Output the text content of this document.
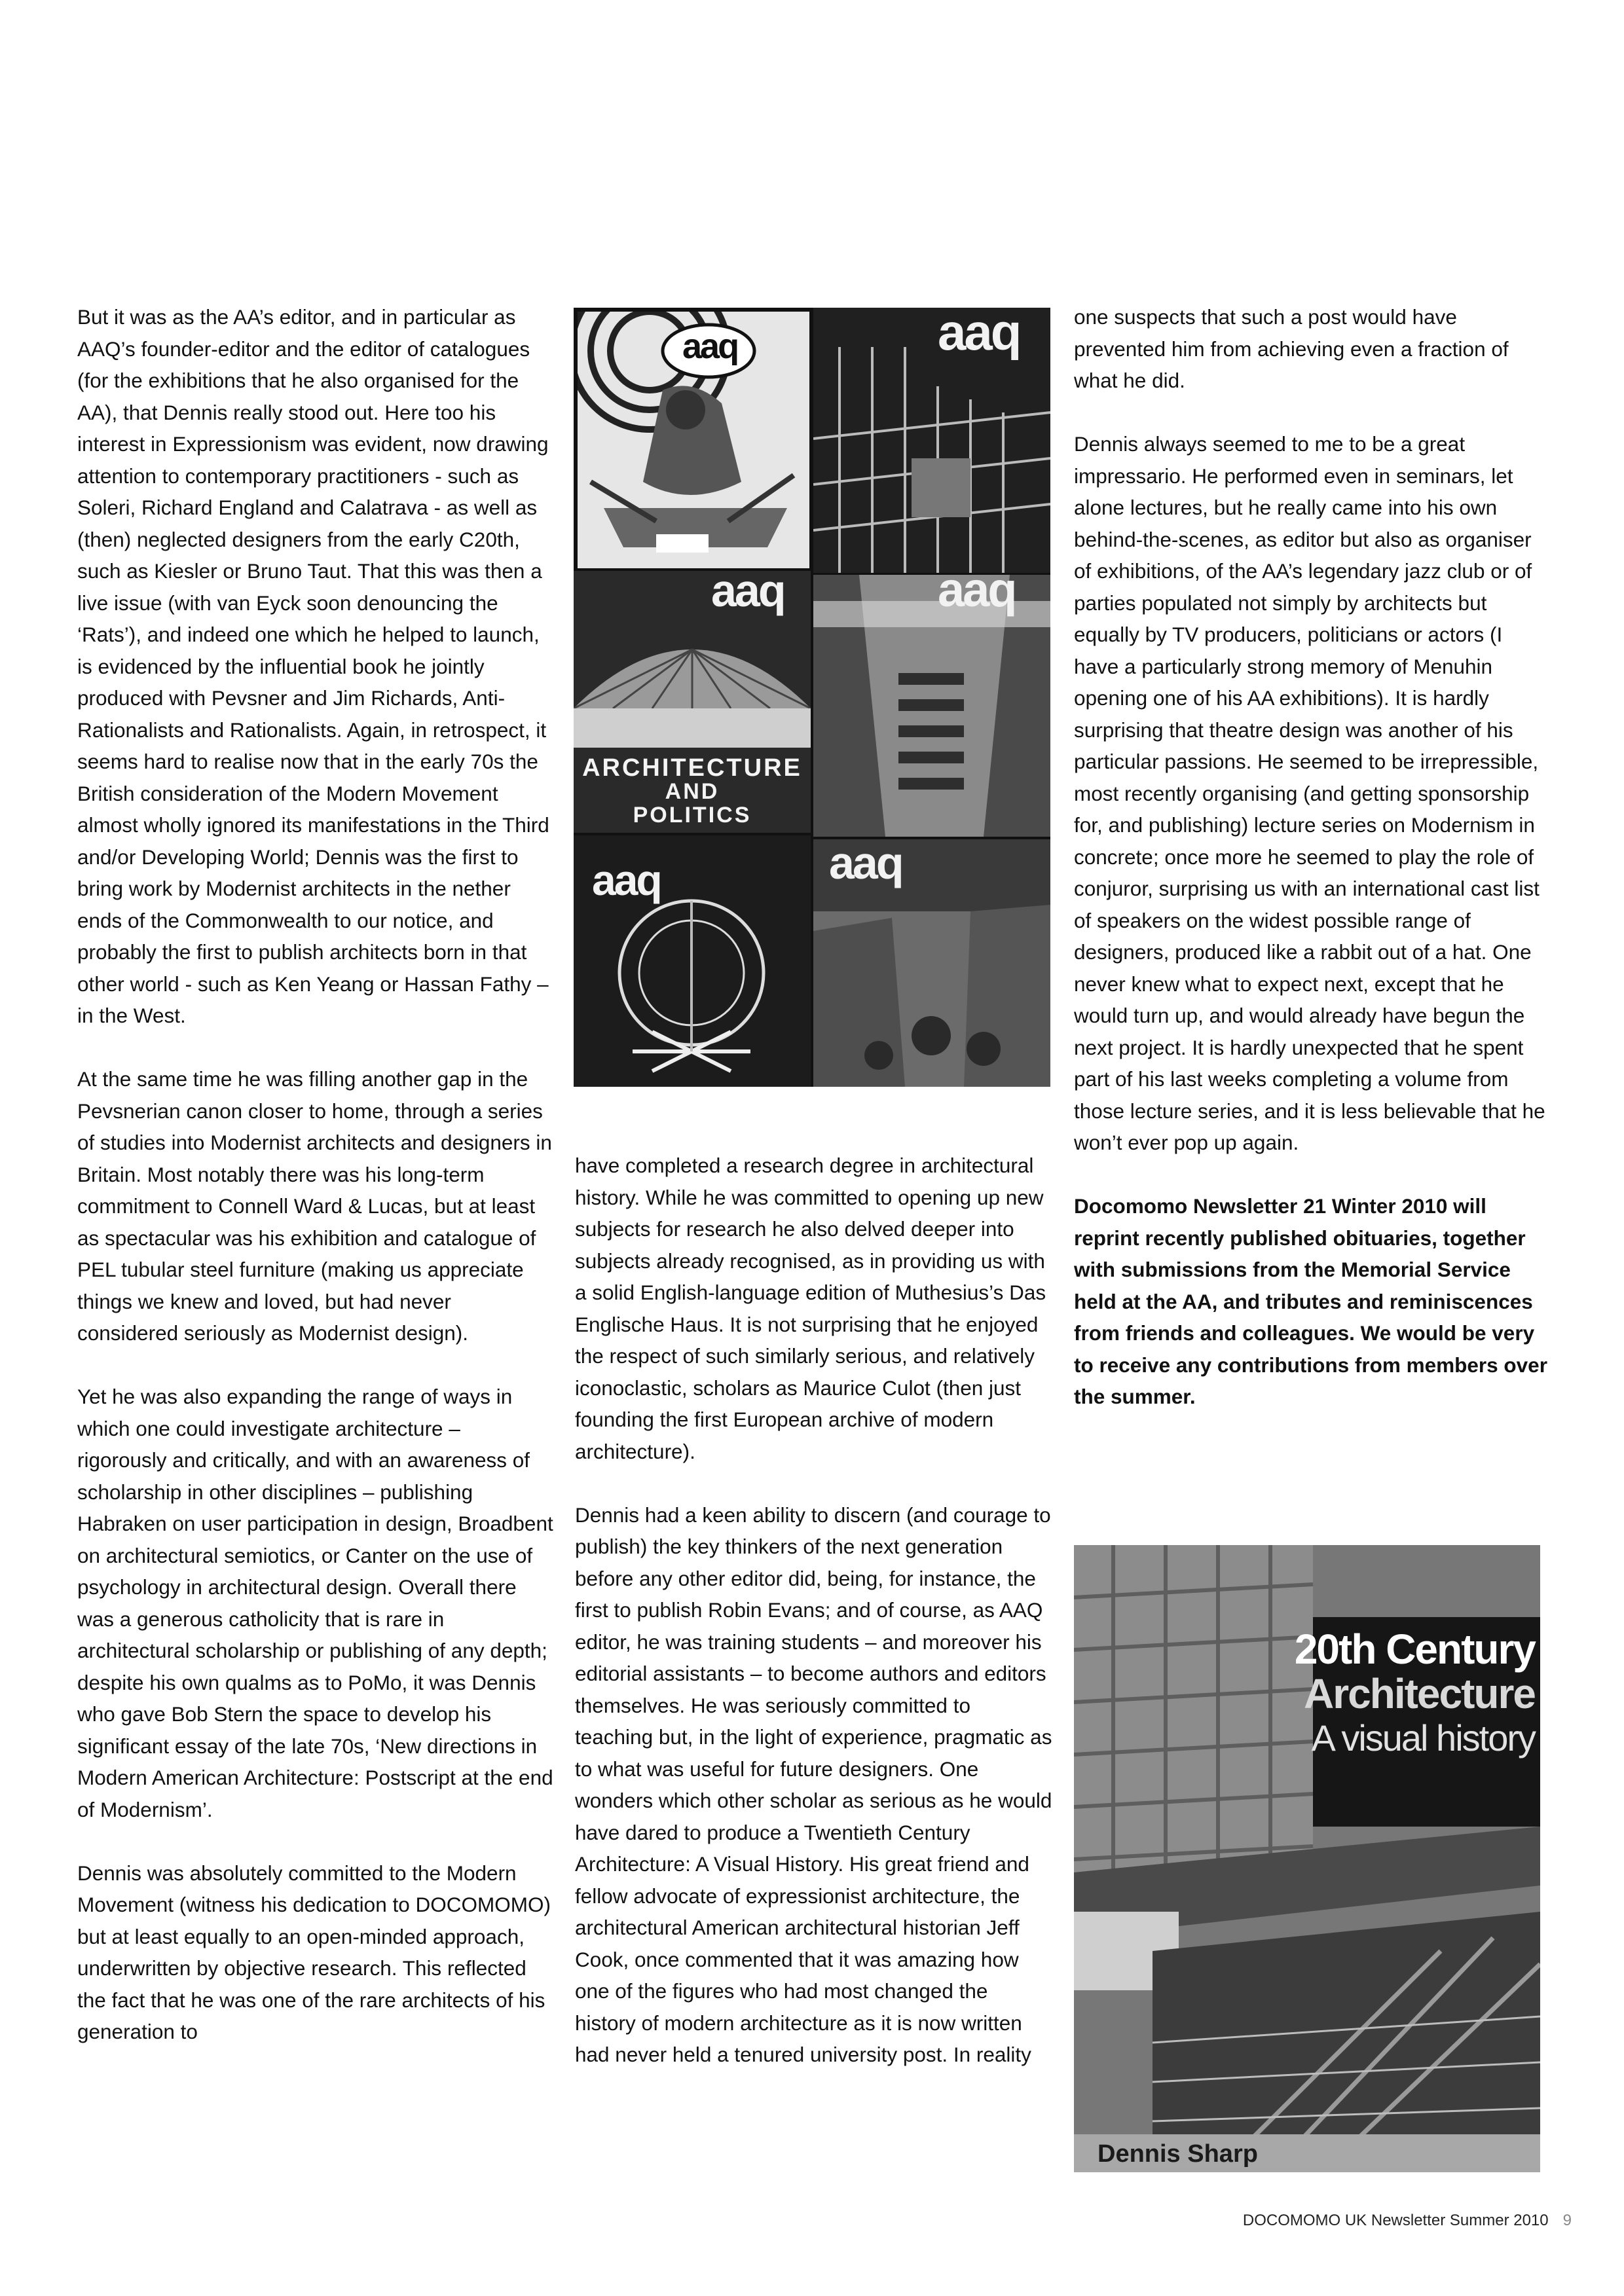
But it was as the AA’s editor, and in particular as AAQ’s founder-editor and the editor of catalogues (for the exhibitions that he also organised for the AA), that Dennis really stood out. Here too his interest in Expressionism was evident, now drawing attention to contemporary practitioners - such as Soleri, Richard England and Calatrava - as well as (then) neglected designers from the early C20th, such as Kiesler or Bruno Taut. That this was then a live issue (with van Eyck soon denouncing the ‘Rats’), and indeed one which he helped to launch, is evidenced by the influential book he jointly produced with Pevsner and Jim Richards, Anti-Rationalists and Rationalists. Again, in retrospect, it seems hard to realise now that in the early 70s the British consideration of the Modern Movement almost wholly ignored its manifestations in the Third and/or Developing World; Dennis was the first to bring work by Modernist architects in the nether ends of the Commonwealth to our notice, and probably the first to publish architects born in that other world - such as Ken Yeang or Hassan Fathy – in the West.

At the same time he was filling another gap in the Pevsnerian canon closer to home, through a series of studies into Modernist architects and designers in Britain. Most notably there was his long-term commitment to Connell Ward & Lucas, but at least as spectacular was his exhibition and catalogue of PEL tubular steel furniture (making us appreciate things we knew and loved, but had never considered seriously as Modernist design).

Yet he was also expanding the range of ways in which one could investigate architecture – rigorously and critically, and with an awareness of scholarship in other disciplines – publishing Habraken on user participation in design, Broadbent on architectural semiotics, or Canter on the use of psychology in architectural design. Overall there was a generous catholicity that is rare in architectural scholarship or publishing of any depth; despite his own qualms as to PoMo, it was Dennis who gave Bob Stern the space to develop his significant essay of the late 70s, ‘New directions in Modern American Architecture: Postscript at the end of Modernism’.

Dennis was absolutely committed to the Modern Movement (witness his dedication to DOCOMOMO) but at least equally to an open-minded approach, underwritten by objective research. This reflected the fact that he was one of the rare architects of his generation to

aaq	aaq
aaq
ARCHITECTURE
AND
POLITICS
aaq
aaq	aaq

have completed a research degree in architectural history. While he was committed to opening up new subjects for research he also delved deeper into subjects already recognised, as in providing us with a solid English-language edition of Muthesius’s Das Englische Haus. It is not surprising that he enjoyed the respect of such similarly serious, and relatively iconoclastic, scholars as Maurice Culot (then just founding the first European archive of modern architecture).

Dennis had a keen ability to discern (and courage to publish) the key thinkers of the next generation before any other editor did, being, for instance, the first to publish Robin Evans; and of course, as AAQ editor, he was training students – and moreover his editorial assistants – to become authors and editors themselves. He was seriously committed to teaching but, in the light of experience, pragmatic as to what was useful for future designers. One wonders which other scholar as serious as he would have dared to produce a Twentieth Century Architecture: A Visual History. His great friend and fellow advocate of expressionist architecture, the architectural American architectural historian Jeff Cook, once commented that it was amazing how one of the figures who had most changed the history of modern architecture as it is now written had never held a tenured university post. In reality

one suspects that such a post would have prevented him from achieving even a fraction of what he did.

Dennis always seemed to me to be a great impressario. He performed even in seminars, let alone lectures, but he really came into his own behind-the-scenes, as editor but also as organiser of exhibitions, of the AA’s legendary jazz club or of parties populated not simply by architects but equally by TV producers, politicians or actors (I have a particularly strong memory of Menuhin opening one of his AA exhibitions). It is hardly surprising that theatre design was another of his particular passions. He seemed to be irrepressible, most recently organising (and getting sponsorship for, and publishing) lecture series on Modernism in concrete; once more he seemed to play the role of conjuror, surprising us with an international cast list of speakers on the widest possible range of designers, produced like a rabbit out of a hat. One never knew what to expect next, except that he would turn up, and would already have begun the next project. It is hardly unexpected that he spent part of his last weeks completing a volume from those lecture series, and it is less believable that he won’t ever pop up again.

Docomomo Newsletter 21 Winter 2010 will reprint recently published obituaries, together with submissions from the Memorial Service held at the AA, and tributes and reminiscences from friends and colleagues. We would be very to receive any contributions from members over the summer.

20th Century
Architecture
A visual history
Dennis Sharp
DOCOMOMO UK Newsletter Summer 2010 9
